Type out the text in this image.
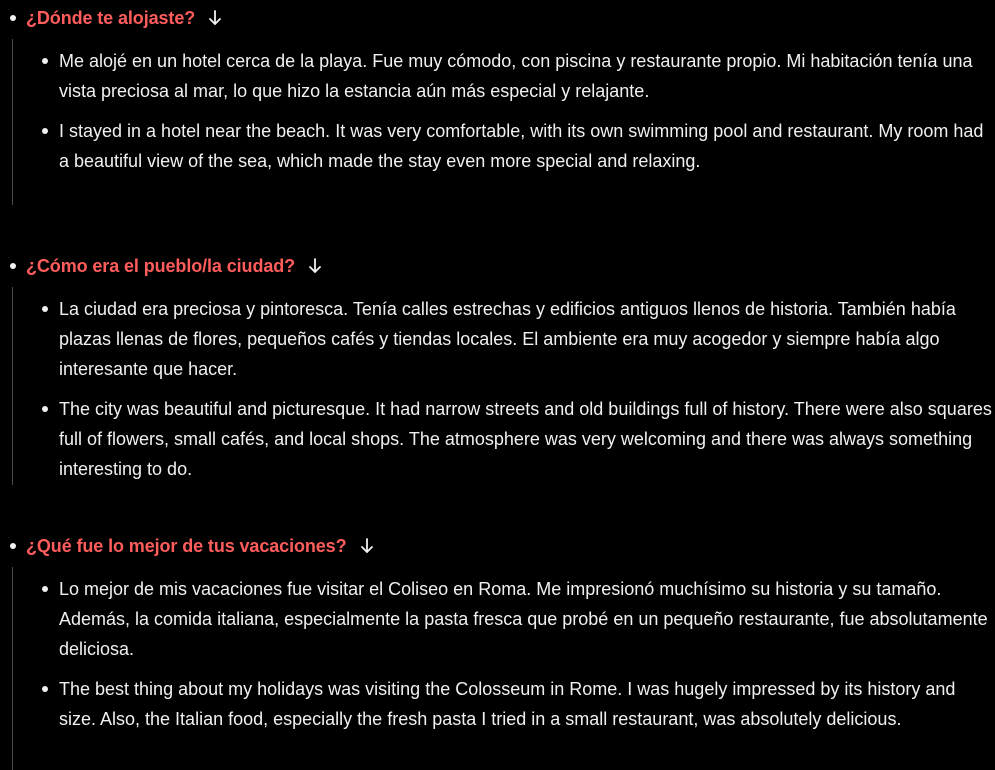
¿Dónde te alojaste?
Me alojé en un hotel cerca de la playa. Fue muy cómodo, con piscina y restaurante propio. Mi habitación tenía una vista preciosa al mar, lo que hizo la estancia aún más especial y relajante.
I stayed in a hotel near the beach. It was very comfortable, with its own swimming pool and restaurant. My room had a beautiful view of the sea, which made the stay even more special and relaxing.
¿Cómo era el pueblo/la ciudad?
La ciudad era preciosa y pintoresca. Tenía calles estrechas y edificios antiguos llenos de historia. También había plazas llenas de flores, pequeños cafés y tiendas locales. El ambiente era muy acogedor y siempre había algo interesante que hacer.
The city was beautiful and picturesque. It had narrow streets and old buildings full of history. There were also squares full of flowers, small cafés, and local shops. The atmosphere was very welcoming and there was always something interesting to do.
¿Qué fue lo mejor de tus vacaciones?
Lo mejor de mis vacaciones fue visitar el Coliseo en Roma. Me impresionó muchísimo su historia y su tamaño. Además, la comida italiana, especialmente la pasta fresca que probé en un pequeño restaurante, fue absolutamente deliciosa.
The best thing about my holidays was visiting the Colosseum in Rome. I was hugely impressed by its history and size. Also, the Italian food, especially the fresh pasta I tried in a small restaurant, was absolutely delicious.
